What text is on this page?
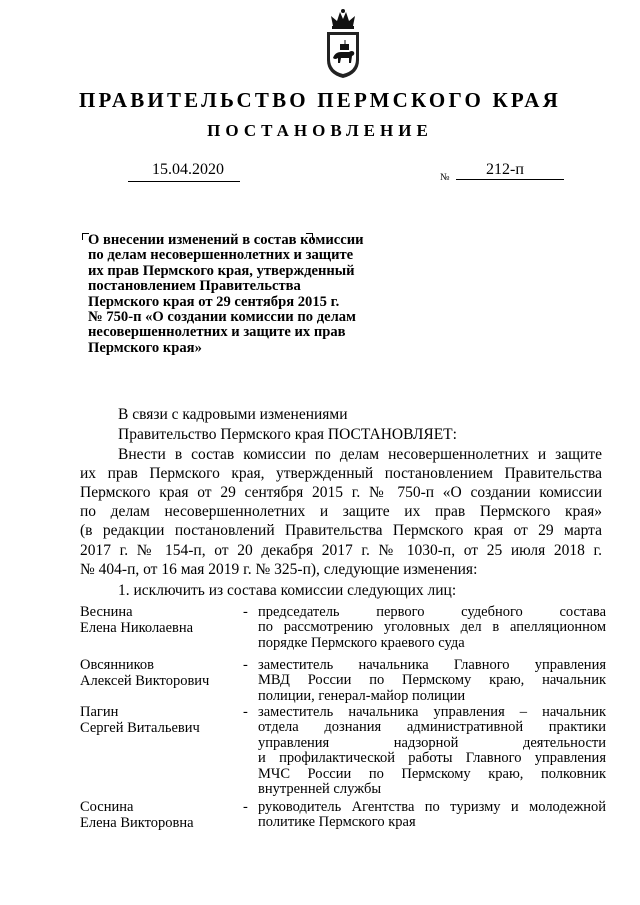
ПРАВИТЕЛЬСТВО ПЕРМСКОГО КРАЯ
ПОСТАНОВЛЕНИЕ
15.04.2020	№ 212-п
О внесении изменений в состав комиссии
по делам несовершеннолетних и защите
их прав Пермского края, утвержденный
постановлением Правительства
Пермского края от 29 сентября 2015 г.
№ 750-п «О создании комиссии по делам
несовершеннолетних и защите их прав
Пермского края»
В связи с кадровыми изменениями
Правительство Пермского края ПОСТАНОВЛЯЕТ:
Внести в состав комиссии по делам несовершеннолетних и защите
их прав Пермского края, утвержденный постановлением Правительства
Пермского края от 29 сентября 2015 г. № 750-п «О создании комиссии
по делам несовершеннолетних и защите их прав Пермского края»
(в редакции постановлений Правительства Пермского края от 29 марта
2017 г. № 154-п, от 20 декабря 2017 г. № 1030-п, от 25 июля 2018 г.
№ 404-п, от 16 мая 2019 г. № 325-п), следующие изменения:
1. исключить из состава комиссии следующих лиц:
Веснина
Елена Николаевна
- председатель первого судебного состава
по рассмотрению уголовных дел в апелляционном
порядке Пермского краевого суда
Овсянников
Алексей Викторович
- заместитель начальника Главного управления
МВД России по Пермскому краю, начальник
полиции, генерал-майор полиции
Пагин
Сергей Витальевич
- заместитель начальника управления – начальник
отдела дознания административной практики
управления надзорной деятельности
и профилактической работы Главного управления
МЧС России по Пермскому краю, полковник
внутренней службы
Соснина
Елена Викторовна
- руководитель Агентства по туризму и молодежной
политике Пермского края
